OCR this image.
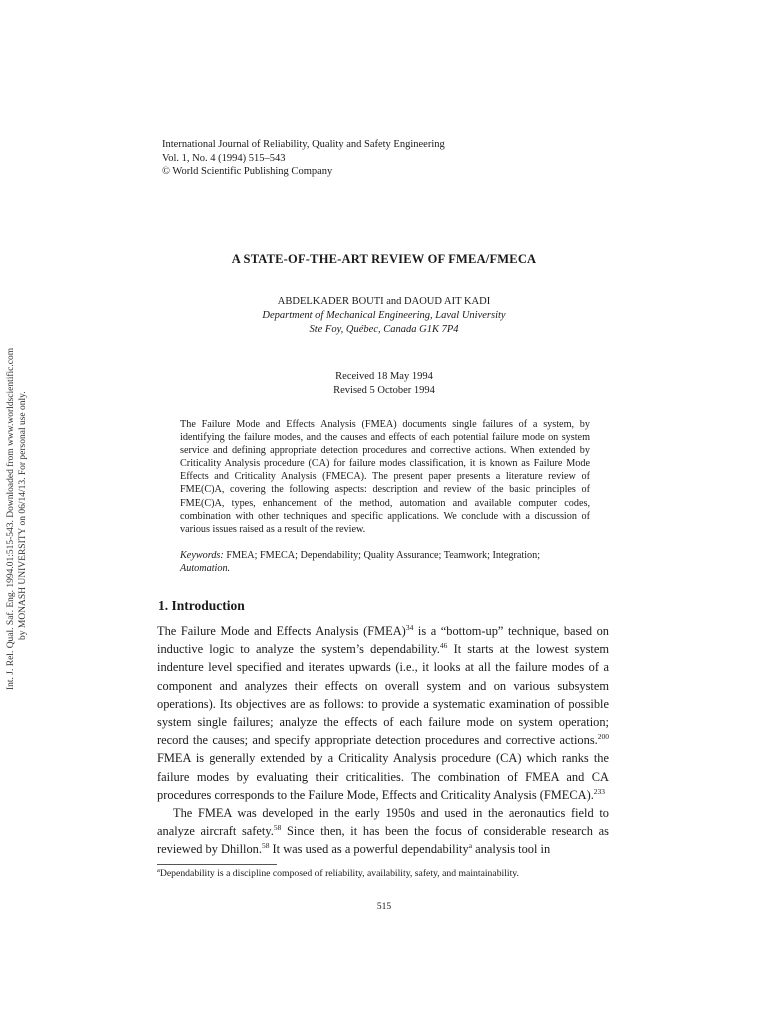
Int. J. Rel. Qual. Saf. Eng. 1994.01:515-543. Downloaded from www.worldscientific.com by MONASH UNIVERSITY on 06/14/13. For personal use only.
International Journal of Reliability, Quality and Safety Engineering
Vol. 1, No. 4 (1994) 515–543
© World Scientific Publishing Company
A STATE-OF-THE-ART REVIEW OF FMEA/FMECA
ABDELKADER BOUTI and DAOUD AIT KADI
Department of Mechanical Engineering, Laval University
Ste Foy, Québec, Canada G1K 7P4
Received 18 May 1994
Revised 5 October 1994
The Failure Mode and Effects Analysis (FMEA) documents single failures of a system, by identifying the failure modes, and the causes and effects of each potential failure mode on system service and defining appropriate detection procedures and corrective actions. When extended by Criticality Analysis procedure (CA) for failure modes classification, it is known as Failure Mode Effects and Criticality Analysis (FMECA). The present paper presents a literature review of FME(C)A, covering the following aspects: description and review of the basic principles of FME(C)A, types, enhancement of the method, automation and available computer codes, combination with other techniques and specific applications. We conclude with a discussion of various issues raised as a result of the review.
Keywords: FMEA; FMECA; Dependability; Quality Assurance; Teamwork; Integration;
Automation.
1. Introduction

The Failure Mode and Effects Analysis (FMEA)$^{34}$ is a “bottom-up” technique, based on inductive logic to analyze the system’s dependability.$^{46}$ It starts at the lowest system indenture level specified and iterates upwards (i.e., it looks at all the failure modes of a component and analyzes their effects on overall system and on various subsystem operations). Its objectives are as follows: to provide a systematic examination of possible system single failures; analyze the effects of each failure mode on system operation; record the causes; and specify appropriate detection procedures and corrective actions.$^{200}$ FMEA is generally extended by a Criticality Analysis procedure (CA) which ranks the failure modes by evaluating their criticalities. The combination of FMEA and CA procedures corresponds to the Failure Mode, Effects and Criticality Analysis (FMECA).$^{233}$

The FMEA was developed in the early 1950s and used in the aeronautics field to analyze aircraft safety.$^{58}$ Since then, it has been the focus of considerable research as reviewed by Dhillon.$^{58}$ It was used as a powerful dependability$^a$ analysis tool in

$^a$Dependability is a discipline composed of reliability, availability, safety, and maintainability.
515
